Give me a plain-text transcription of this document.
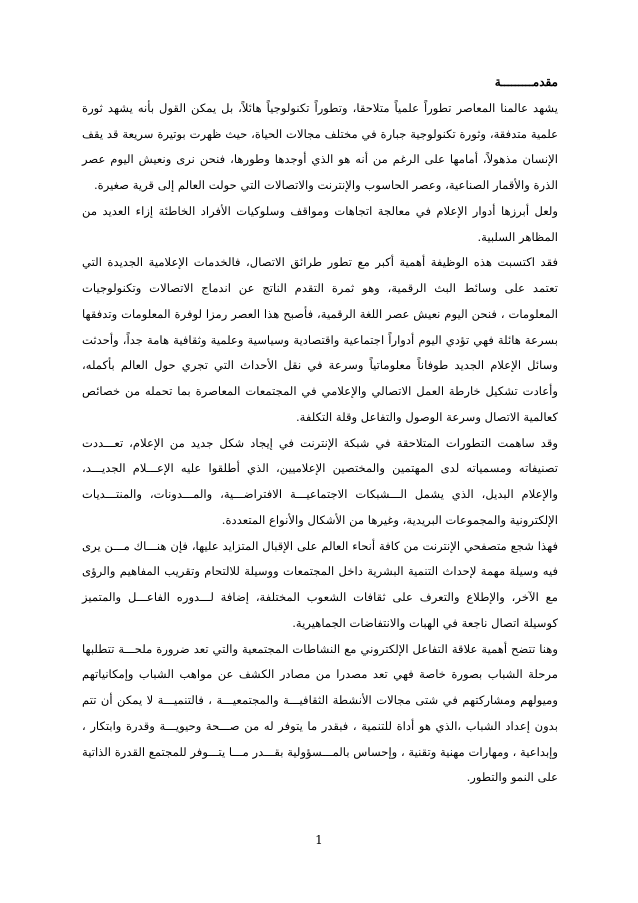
مقدمـــــــــة

يشهد عالمنا المعاصر تطوراً علمياً متلاحقا، وتطوراً تكنولوجياً هائلاً، بل يمكن القول بأنه يشهد ثورة علمية متدفقة، وثورة تكنولوجية جبارة في مختلف مجالات الحياة، حيث ظهرت بوتيرة سريعة قد يقف الإنسان مذهولاً، أمامها على الرغم من أنه هو الذي أوجدها وطورها، فنحن نرى ونعيش اليوم عصر الذرة والأقمار الصناعية، وعصر الحاسوب والإنترنت والاتصالات التي حولت العالم إلى قرية صغيرة.

ولعل أبرزها أدوار الإعلام في معالجة اتجاهات ومواقف وسلوكيات الأفراد الخاطئة إزاء العديد من المظاهر السلبية.

فقد اكتسبت هذه الوظيفة أهمية أكبر مع تطور طرائق الاتصال، فالخدمات الإعلامية الجديدة التي تعتمد على وسائط البث الرقمية، وهو ثمرة التقدم الناتج عن اندماج الاتصالات وتكنولوجيات المعلومات ، فنحن اليوم نعيش عصر اللغة الرقمية، فأصبح هذا العصر رمزا لوفرة المعلومات وتدفقها بسرعة هائلة فهي تؤدي اليوم أدواراً اجتماعية واقتصادية وسياسية وعلمية وثقافية هامة جداً، وأحدثت وسائل الإعلام الجديد طوفاناً معلوماتياً وسرعة في نقل الأحداث التي تجري حول العالم بأكمله، وأعادت تشكيل خارطة العمل الاتصالي والإعلامي في المجتمعات المعاصرة بما تحمله من خصائص كعالمية الاتصال وسرعة الوصول والتفاعل وقلة التكلفة.

وقد ساهمت التطورات المتلاحقة في شبكة الإنترنت في إيجاد شكل جديد من الإعلام، تعـــددت تصنيفاته ومسمياته لدى المهتمين والمختصين الإعلاميين، الذي أطلقوا عليه الإعـــلام الجديـــد، والإعلام البديل، الذي يشمل الـــشبكات الاجتماعيـــة الافتراضـــية، والمـــدونات، والمنتـــديات الإلكترونية والمجموعات البريدية، وغيرها من الأشكال والأنواع المتعددة.

فهذا شجع متصفحي الإنترنت من كافة أنحاء العالم على الإقبال المتزايد عليها، فإن هنـــاك مـــن يرى فيه وسيلة مهمة لإحداث التنمية البشرية داخل المجتمعات ووسيلة للالتحام وتقريب المفاهيم والرؤى مع الآخر، والإطلاع والتعرف على ثقافات الشعوب المختلفة، إضافة لـــدوره الفاعـــل والمتميز كوسيلة اتصال ناجعة في الهبات والانتفاضات الجماهيرية.

وهنا تتضح أهمية علاقة التفاعل الإلكتروني مع النشاطات المجتمعية والتي تعد ضرورة ملحـــة تتطلبها مرحلة الشباب بصورة خاصة فهي تعد مصدرا من مصادر الكشف عن مواهب الشباب وإمكانياتهم وميولهم ومشاركتهم في شتى مجالات الأنشطة الثقافيـــة والمجتمعيـــة ، فالتنميـــة لا يمكن أن تتم بدون إعداد الشباب ،الذي هو أداة للتنمية ، فبقدر ما يتوفر له من صـــحة وحيويـــة وقدرة وابتكار ، وإبداعية ، ومهارات مهنية وتقنية ، وإحساس بالمـــسؤولية بقـــدر مـــا يتـــوفر للمجتمع القدرة الذاتية على النمو والتطور.

1
